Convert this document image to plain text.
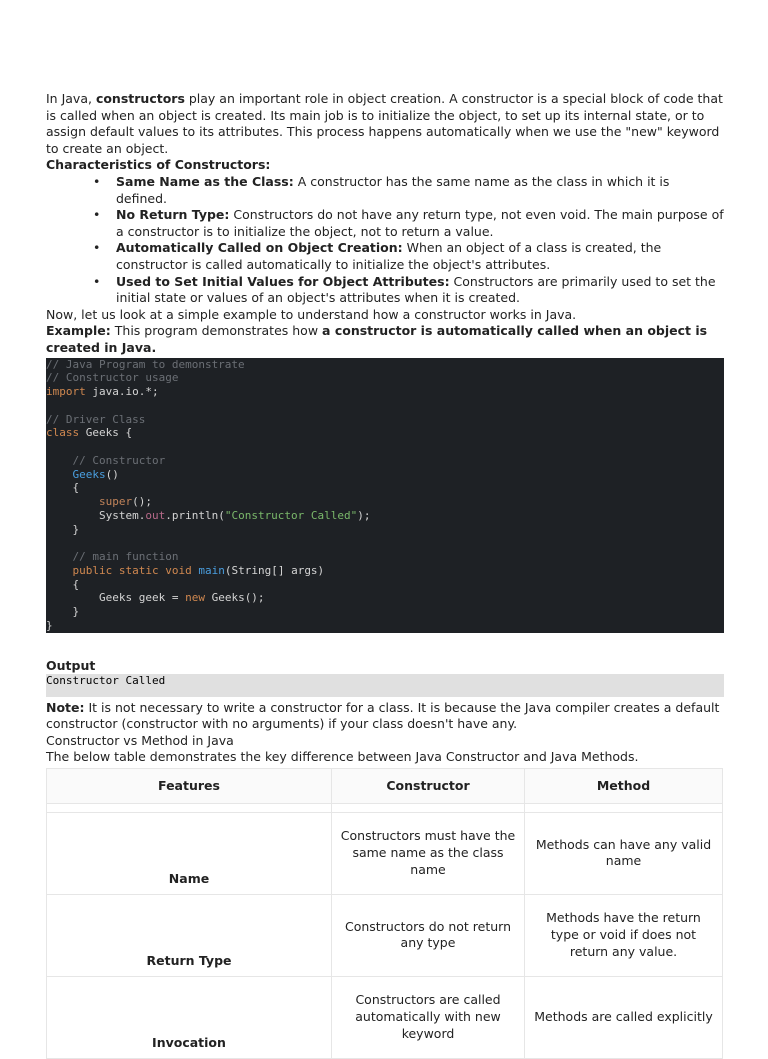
In Java, constructors play an important role in object creation. A constructor is a special block of code that is called when an object is created. Its main job is to initialize the object, to set up its internal state, or to assign default values to its attributes. This process happens automatically when we use the "new" keyword to create an object.

Characteristics of Constructors:

• Same Name as the Class: A constructor has the same name as the class in which it is defined.
• No Return Type: Constructors do not have any return type, not even void. The main purpose of a constructor is to initialize the object, not to return a value.
• Automatically Called on Object Creation: When an object of a class is created, the constructor is called automatically to initialize the object's attributes.
• Used to Set Initial Values for Object Attributes: Constructors are primarily used to set the initial state or values of an object's attributes when it is created.

Now, let us look at a simple example to understand how a constructor works in Java.

Example: This program demonstrates how a constructor is automatically called when an object is created in Java.

// Java Program to demonstrate
// Constructor usage
import java.io.*;

// Driver Class
class Geeks {

// Constructor
Geeks()
{
super();
System.out.println("Constructor Called");
}

// main function
public static void main(String[] args)
{
Geeks geek = new Geeks();
}
}

Output

Constructor Called

Note: It is not necessary to write a constructor for a class. It is because the Java compiler creates a default constructor (constructor with no arguments) if your class doesn't have any.

Constructor vs Method in Java

The below table demonstrates the key difference between Java Constructor and Java Methods.

Features	Constructor	Method

Name	Constructors must have the same name as the class name	Methods can have any valid name
Return Type	Constructors do not return any type	Methods have the return type or void if does not return any value.
Invocation	Constructors are called automatically with new keyword	Methods are called explicitly
